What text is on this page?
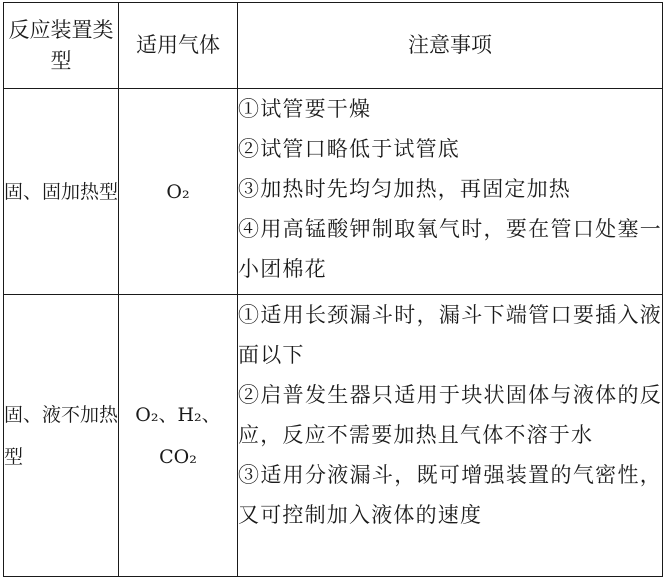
反应装置类型	适用气体	注意事项
固、固加热型	O₂	①试管要干燥
②试管口略低于试管底
③加热时先均匀加热，再固定加热
④用高锰酸钾制取氧气时，要在管口处塞一小团棉花

固、液不加热型	O₂、H₂、CO₂	①适用长颈漏斗时，漏斗下端管口要插入液面以下
②启普发生器只适用于块状固体与液体的反应，反应不需要加热且气体不溶于水
③适用分液漏斗，既可增强装置的气密性，又可控制加入液体的速度
